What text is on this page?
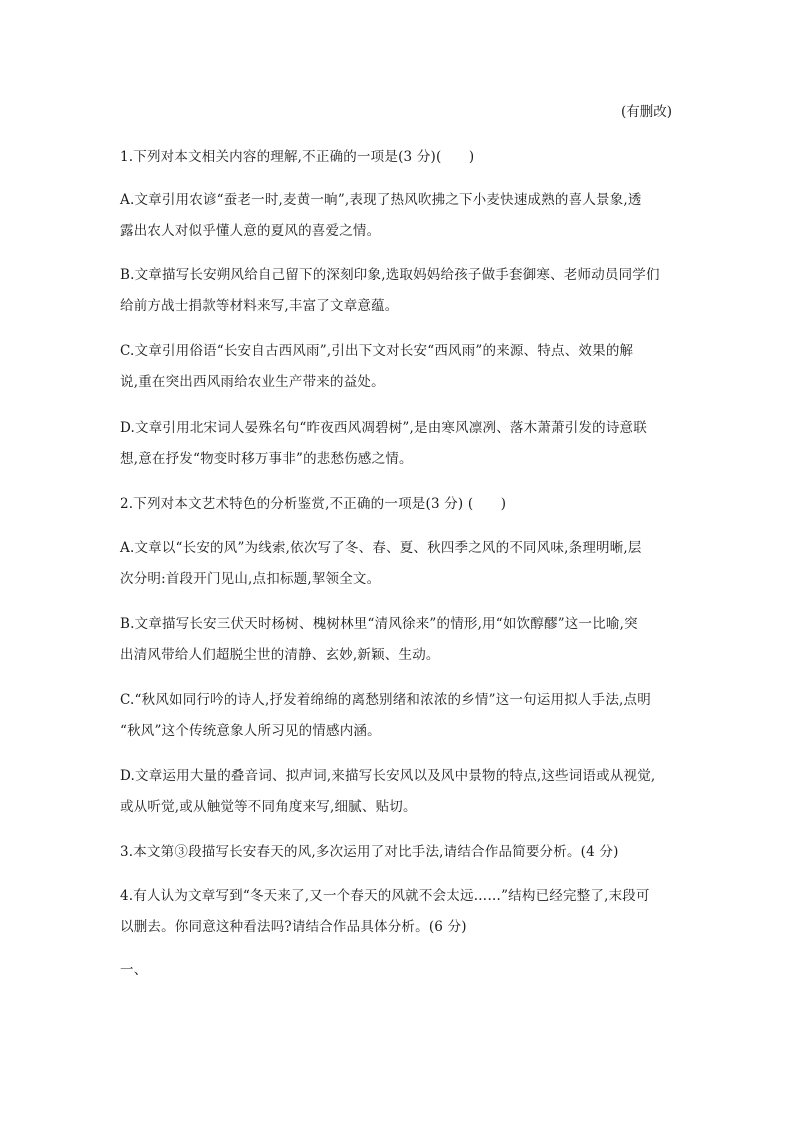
(有删改)
1.下列对本文相关内容的理解,不正确的一项是(3 分)(　　)
A.文章引用农谚“蚕老一时,麦黄一晌”,表现了热风吹拂之下小麦快速成熟的喜人景象,透
露出农人对似乎懂人意的夏风的喜爱之情。
B.文章描写长安朔风给自己留下的深刻印象,选取妈妈给孩子做手套御寒、老师动员同学们
给前方战士捐款等材料来写,丰富了文章意蕴。
C.文章引用俗语“长安自古西风雨”,引出下文对长安“西风雨”的来源、特点、效果的解
说,重在突出西风雨给农业生产带来的益处。
D.文章引用北宋词人晏殊名句“昨夜西风凋碧树”,是由寒风凛冽、落木萧萧引发的诗意联
想,意在抒发“物变时移万事非”的悲愁伤感之情。
2.下列对本文艺术特色的分析鉴赏,不正确的一项是(3 分) (　　)
A.文章以“长安的风”为线索,依次写了冬、春、夏、秋四季之风的不同风味,条理明晰,层
次分明:首段开门见山,点扣标题,挈领全文。
B.文章描写长安三伏天时杨树、槐树林里“清风徐来”的情形,用“如饮醇醪”这一比喻,突
出清风带给人们超脱尘世的清静、玄妙,新颖、生动。
C.“秋风如同行吟的诗人,抒发着绵绵的离愁别绪和浓浓的乡情”这一句运用拟人手法,点明
“秋风”这个传统意象人所习见的情感内涵。
D.文章运用大量的叠音词、拟声词,来描写长安风以及风中景物的特点,这些词语或从视觉,
或从听觉,或从触觉等不同角度来写,细腻、贴切。
3.本文第③段描写长安春天的风,多次运用了对比手法,请结合作品简要分析。(4 分)
4.有人认为文章写到“冬天来了,又一个春天的风就不会太远……”结构已经完整了,末段可
以删去。你同意这种看法吗?请结合作品具体分析。(6 分)
一、
